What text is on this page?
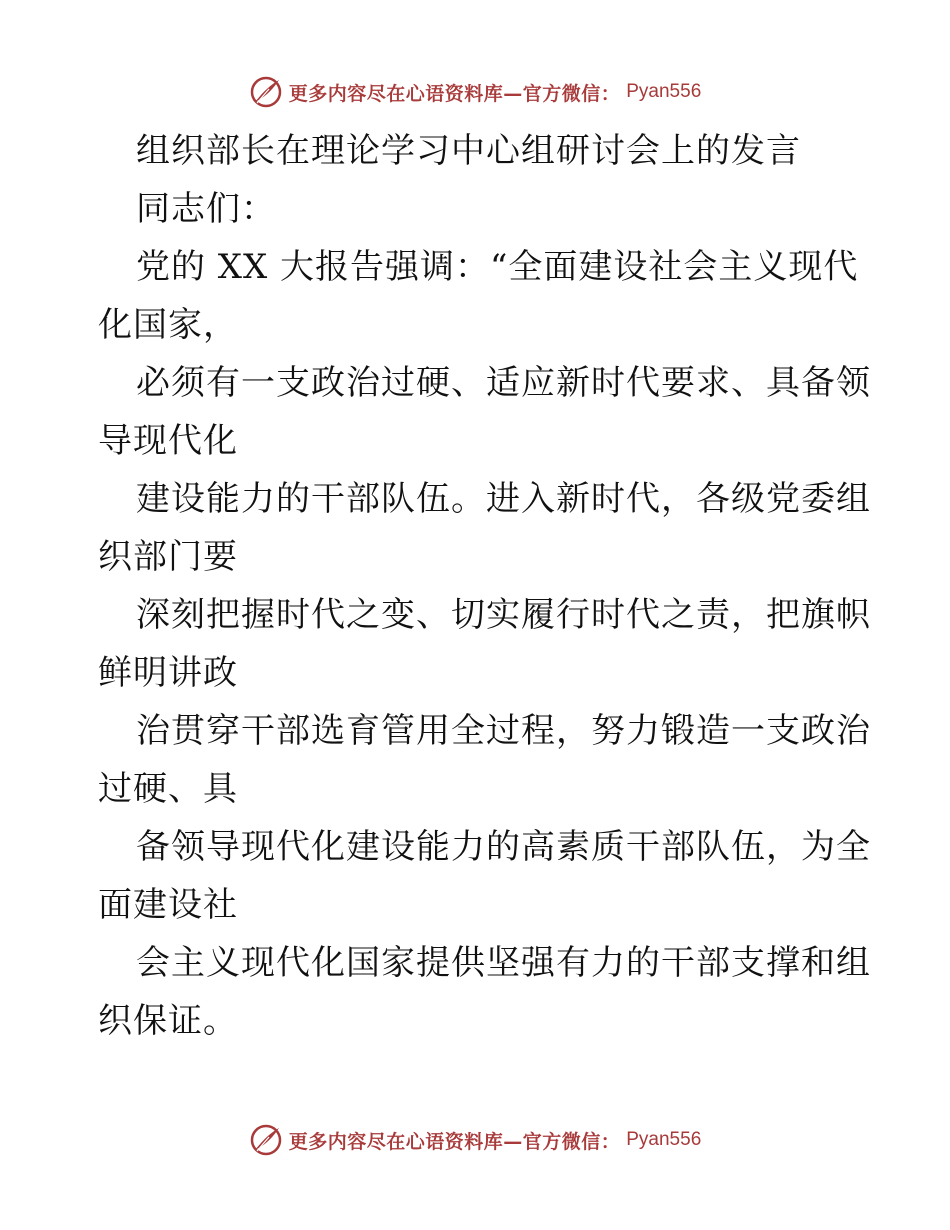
更多内容尽在心语资料库—官方微信： Pyan556
组织部长在理论学习中心组研讨会上的发言
同志们：
党的 XX 大报告强调：“全面建设社会主义现代
化国家，
必须有一支政治过硬、适应新时代要求、具备领
导现代化
建设能力的干部队伍。进入新时代，各级党委组
织部门要
深刻把握时代之变、切实履行时代之责，把旗帜
鲜明讲政
治贯穿干部选育管用全过程，努力锻造一支政治
过硬、具
备领导现代化建设能力的高素质干部队伍，为全
面建设社
会主义现代化国家提供坚强有力的干部支撑和组
织保证。
更多内容尽在心语资料库—官方微信： Pyan556
